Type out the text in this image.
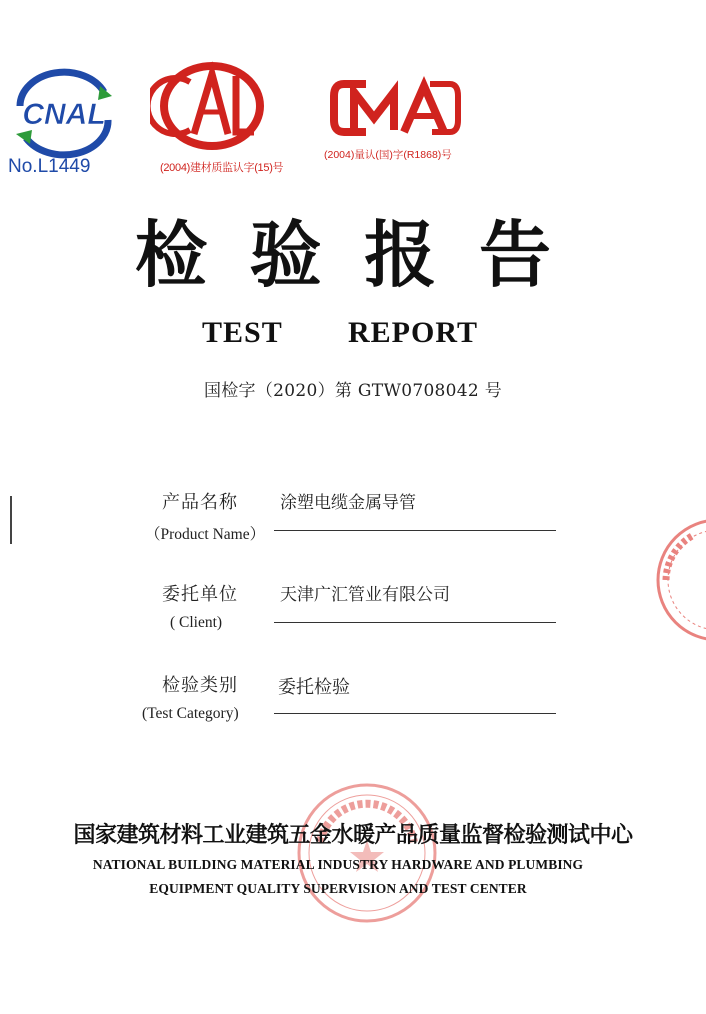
CNAL
No.L1449	(2004)建材质监认字(15)号
(2004)量认(国)字(R1868)号
检 验 报 告
TEST REPORT
国检字（2020）第 GTW0708042 号
产品名称 涂塑电缆金属导管
（Product Name）
委托单位 天津广汇管业有限公司
( Client)
检验类别 委托检验
(Test Category)
国家建筑材料工业建筑五金水暖产品质量监督检验测试中心
NATIONAL BUILDING MATERIAL INDUSTRY HARDWARE AND PLUMBING
EQUIPMENT QUALITY SUPERVISION AND TEST CENTER
